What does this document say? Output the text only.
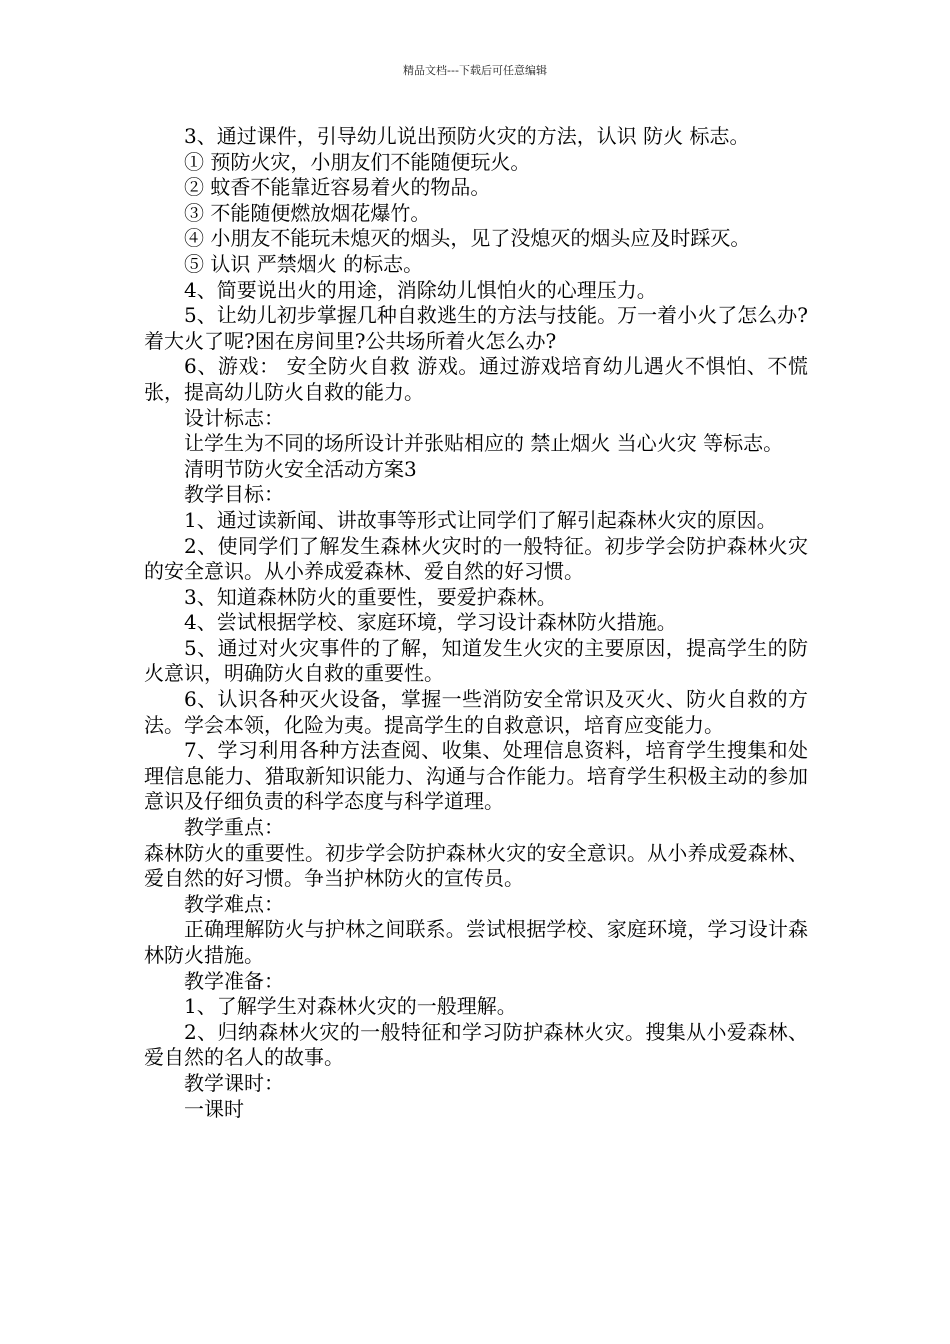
精品文档---下载后可任意编辑

3、通过课件，引导幼儿说出预防火灾的方法，认识 防火 标志。

① 预防火灾，小朋友们不能随便玩火。

② 蚊香不能靠近容易着火的物品。

③ 不能随便燃放烟花爆竹。

④ 小朋友不能玩未熄灭的烟头，见了没熄灭的烟头应及时踩灭。

⑤ 认识 严禁烟火 的标志。

4、简要说出火的用途，消除幼儿惧怕火的心理压力。

5、让幼儿初步掌握几种自救逃生的方法与技能。万一着小火了怎么办?着大火了呢?困在房间里?公共场所着火怎么办?

6、游戏： 安全防火自救 游戏。通过游戏培育幼儿遇火不惧怕、不慌张，提高幼儿防火自救的能力。

设计标志：

让学生为不同的场所设计并张贴相应的 禁止烟火 当心火灾 等标志。

清明节防火安全活动方案3

教学目标：

1、通过读新闻、讲故事等形式让同学们了解引起森林火灾的原因。

2、使同学们了解发生森林火灾时的一般特征。初步学会防护森林火灾的安全意识。从小养成爱森林、爱自然的好习惯。

3、知道森林防火的重要性，要爱护森林。

4、尝试根据学校、家庭环境，学习设计森林防火措施。

5、通过对火灾事件的了解，知道发生火灾的主要原因，提高学生的防火意识，明确防火自救的重要性。

6、认识各种灭火设备，掌握一些消防安全常识及灭火、防火自救的方法。学会本领，化险为夷。提高学生的自救意识，培育应变能力。

7、学习利用各种方法查阅、收集、处理信息资料，培育学生搜集和处理信息能力、猎取新知识能力、沟通与合作能力。培育学生积极主动的参加意识及仔细负责的科学态度与科学道理。

教学重点：

森林防火的重要性。初步学会防护森林火灾的安全意识。从小养成爱森林、爱自然的好习惯。争当护林防火的宣传员。

教学难点：

正确理解防火与护林之间联系。尝试根据学校、家庭环境，学习设计森林防火措施。

教学准备：

1、了解学生对森林火灾的一般理解。

2、归纳森林火灾的一般特征和学习防护森林火灾。搜集从小爱森林、爱自然的名人的故事。

教学课时：

一课时
